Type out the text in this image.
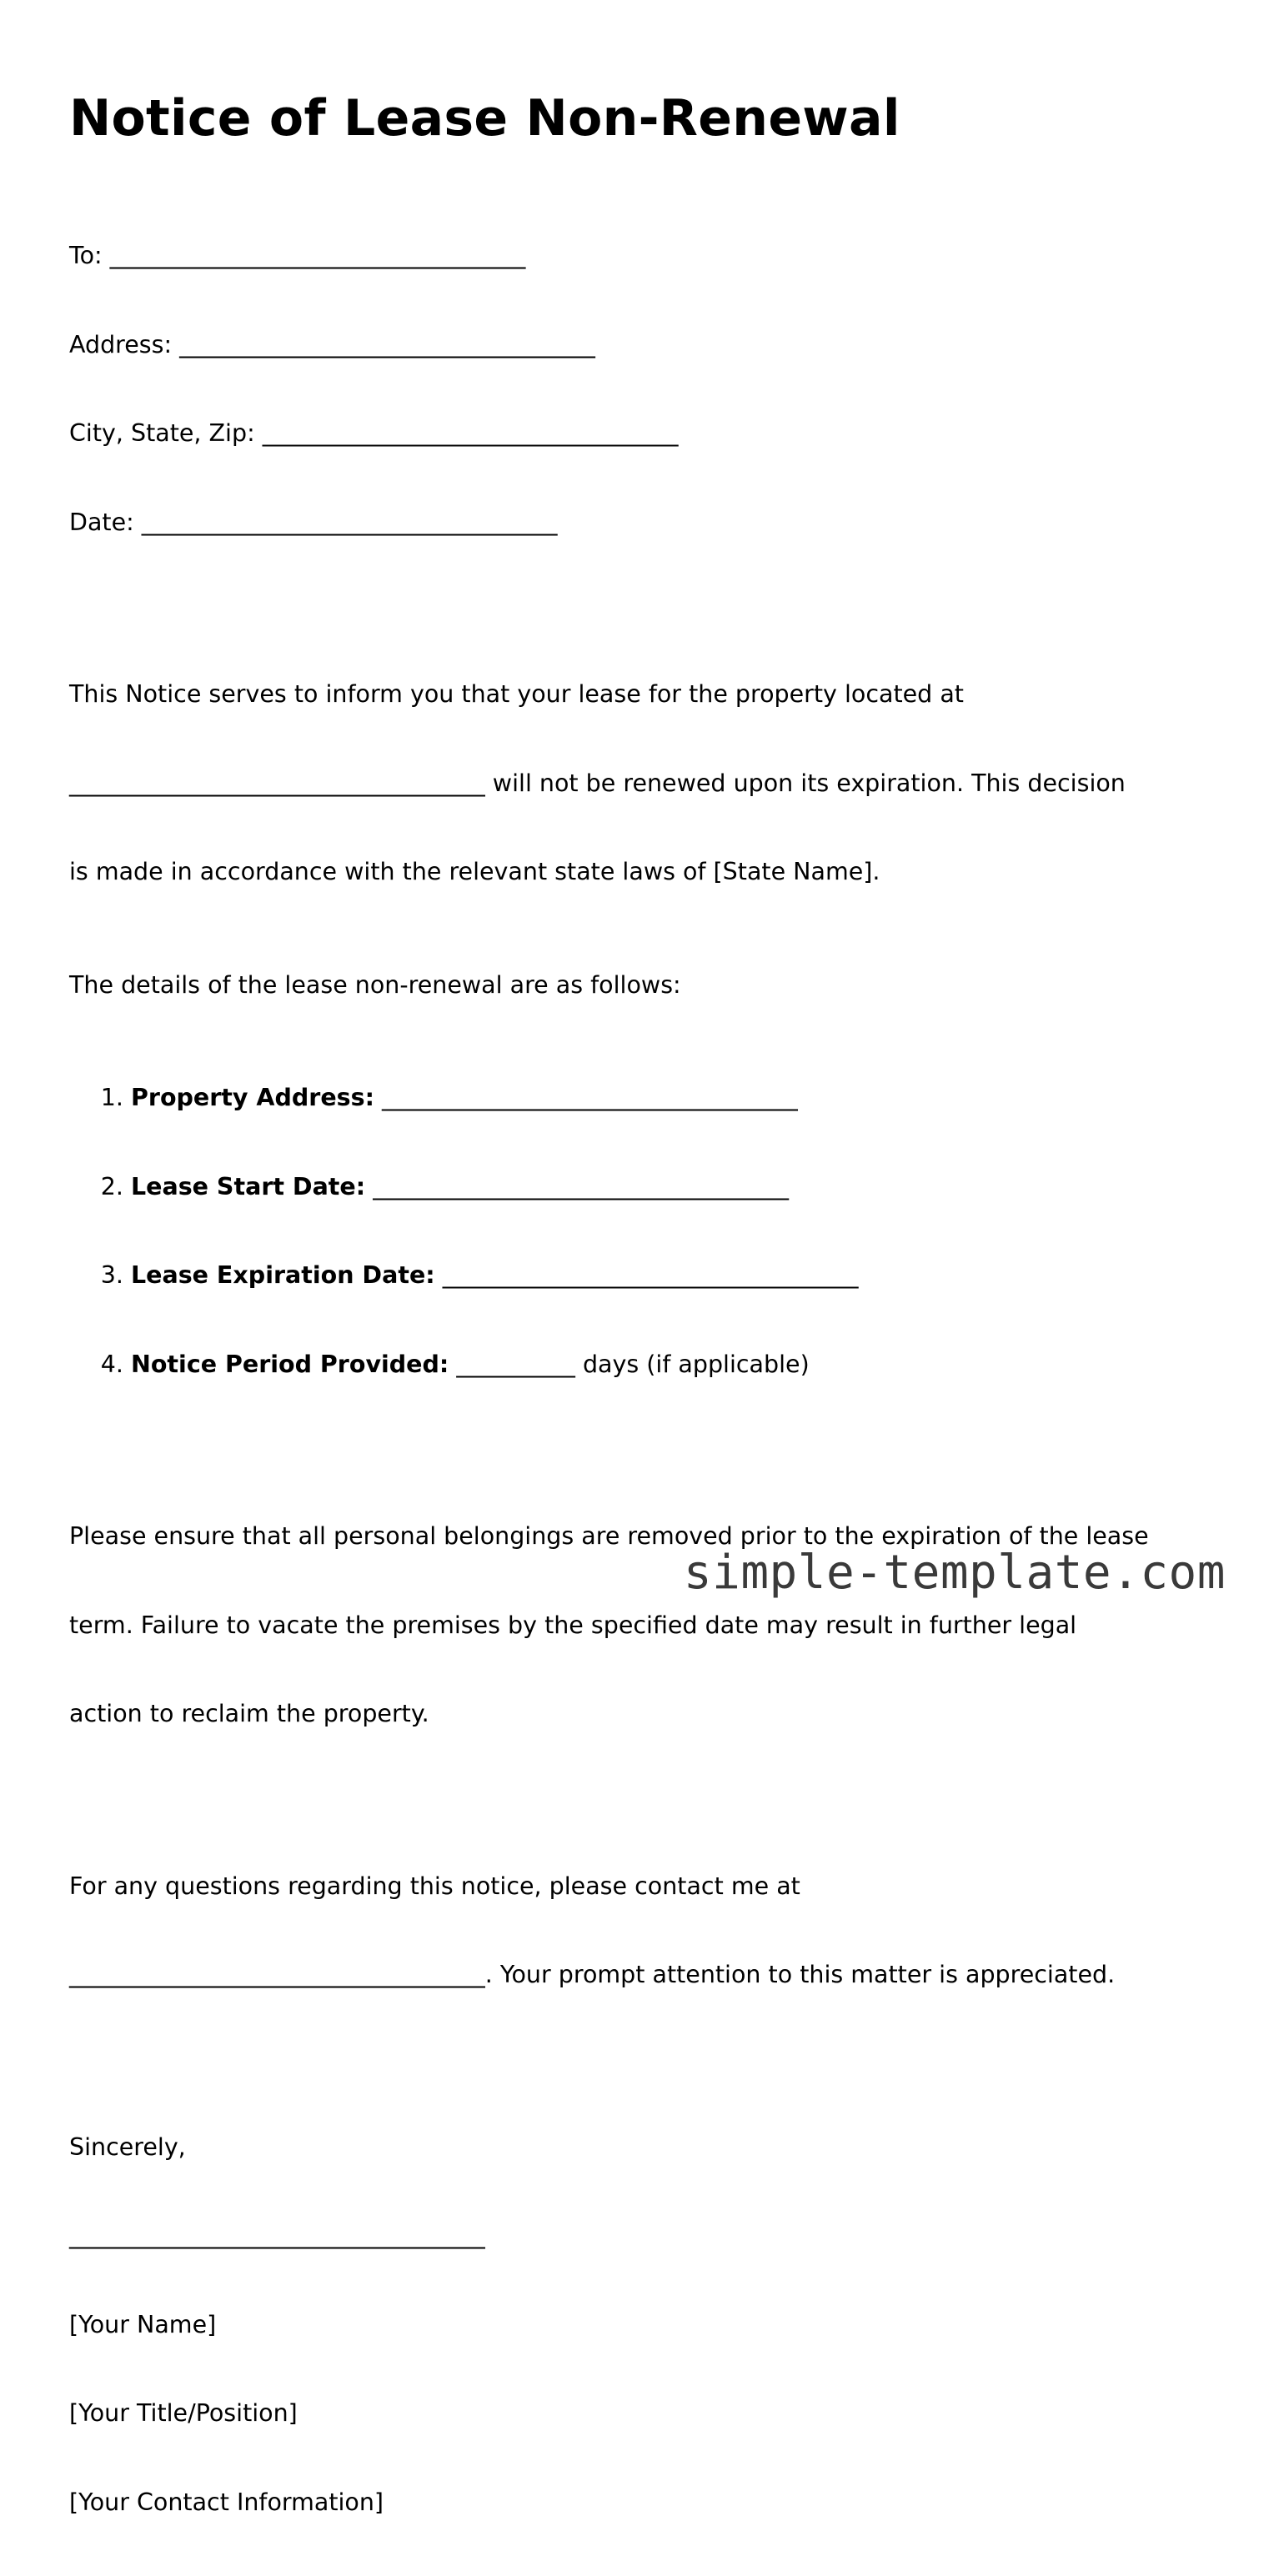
Notice of Lease Non-Renewal

To: ___________________________________

Address: ___________________________________

City, State, Zip: ___________________________________

Date: ___________________________________

This Notice serves to inform you that your lease for the property located at

___________________________________ will not be renewed upon its expiration. This decision

is made in accordance with the relevant state laws of [State Name].

The details of the lease non-renewal are as follows:

1. Property Address: ___________________________________

2. Lease Start Date: ___________________________________

3. Lease Expiration Date: ___________________________________

4. Notice Period Provided: __________ days (if applicable)

Please ensure that all personal belongings are removed prior to the expiration of the lease

term. Failure to vacate the premises by the specified date may result in further legal

action to reclaim the property.

For any questions regarding this notice, please contact me at

___________________________________. Your prompt attention to this matter is appreciated.

Sincerely,

___________________________________

[Your Name]

[Your Title/Position]

[Your Contact Information]

simple-template.com
